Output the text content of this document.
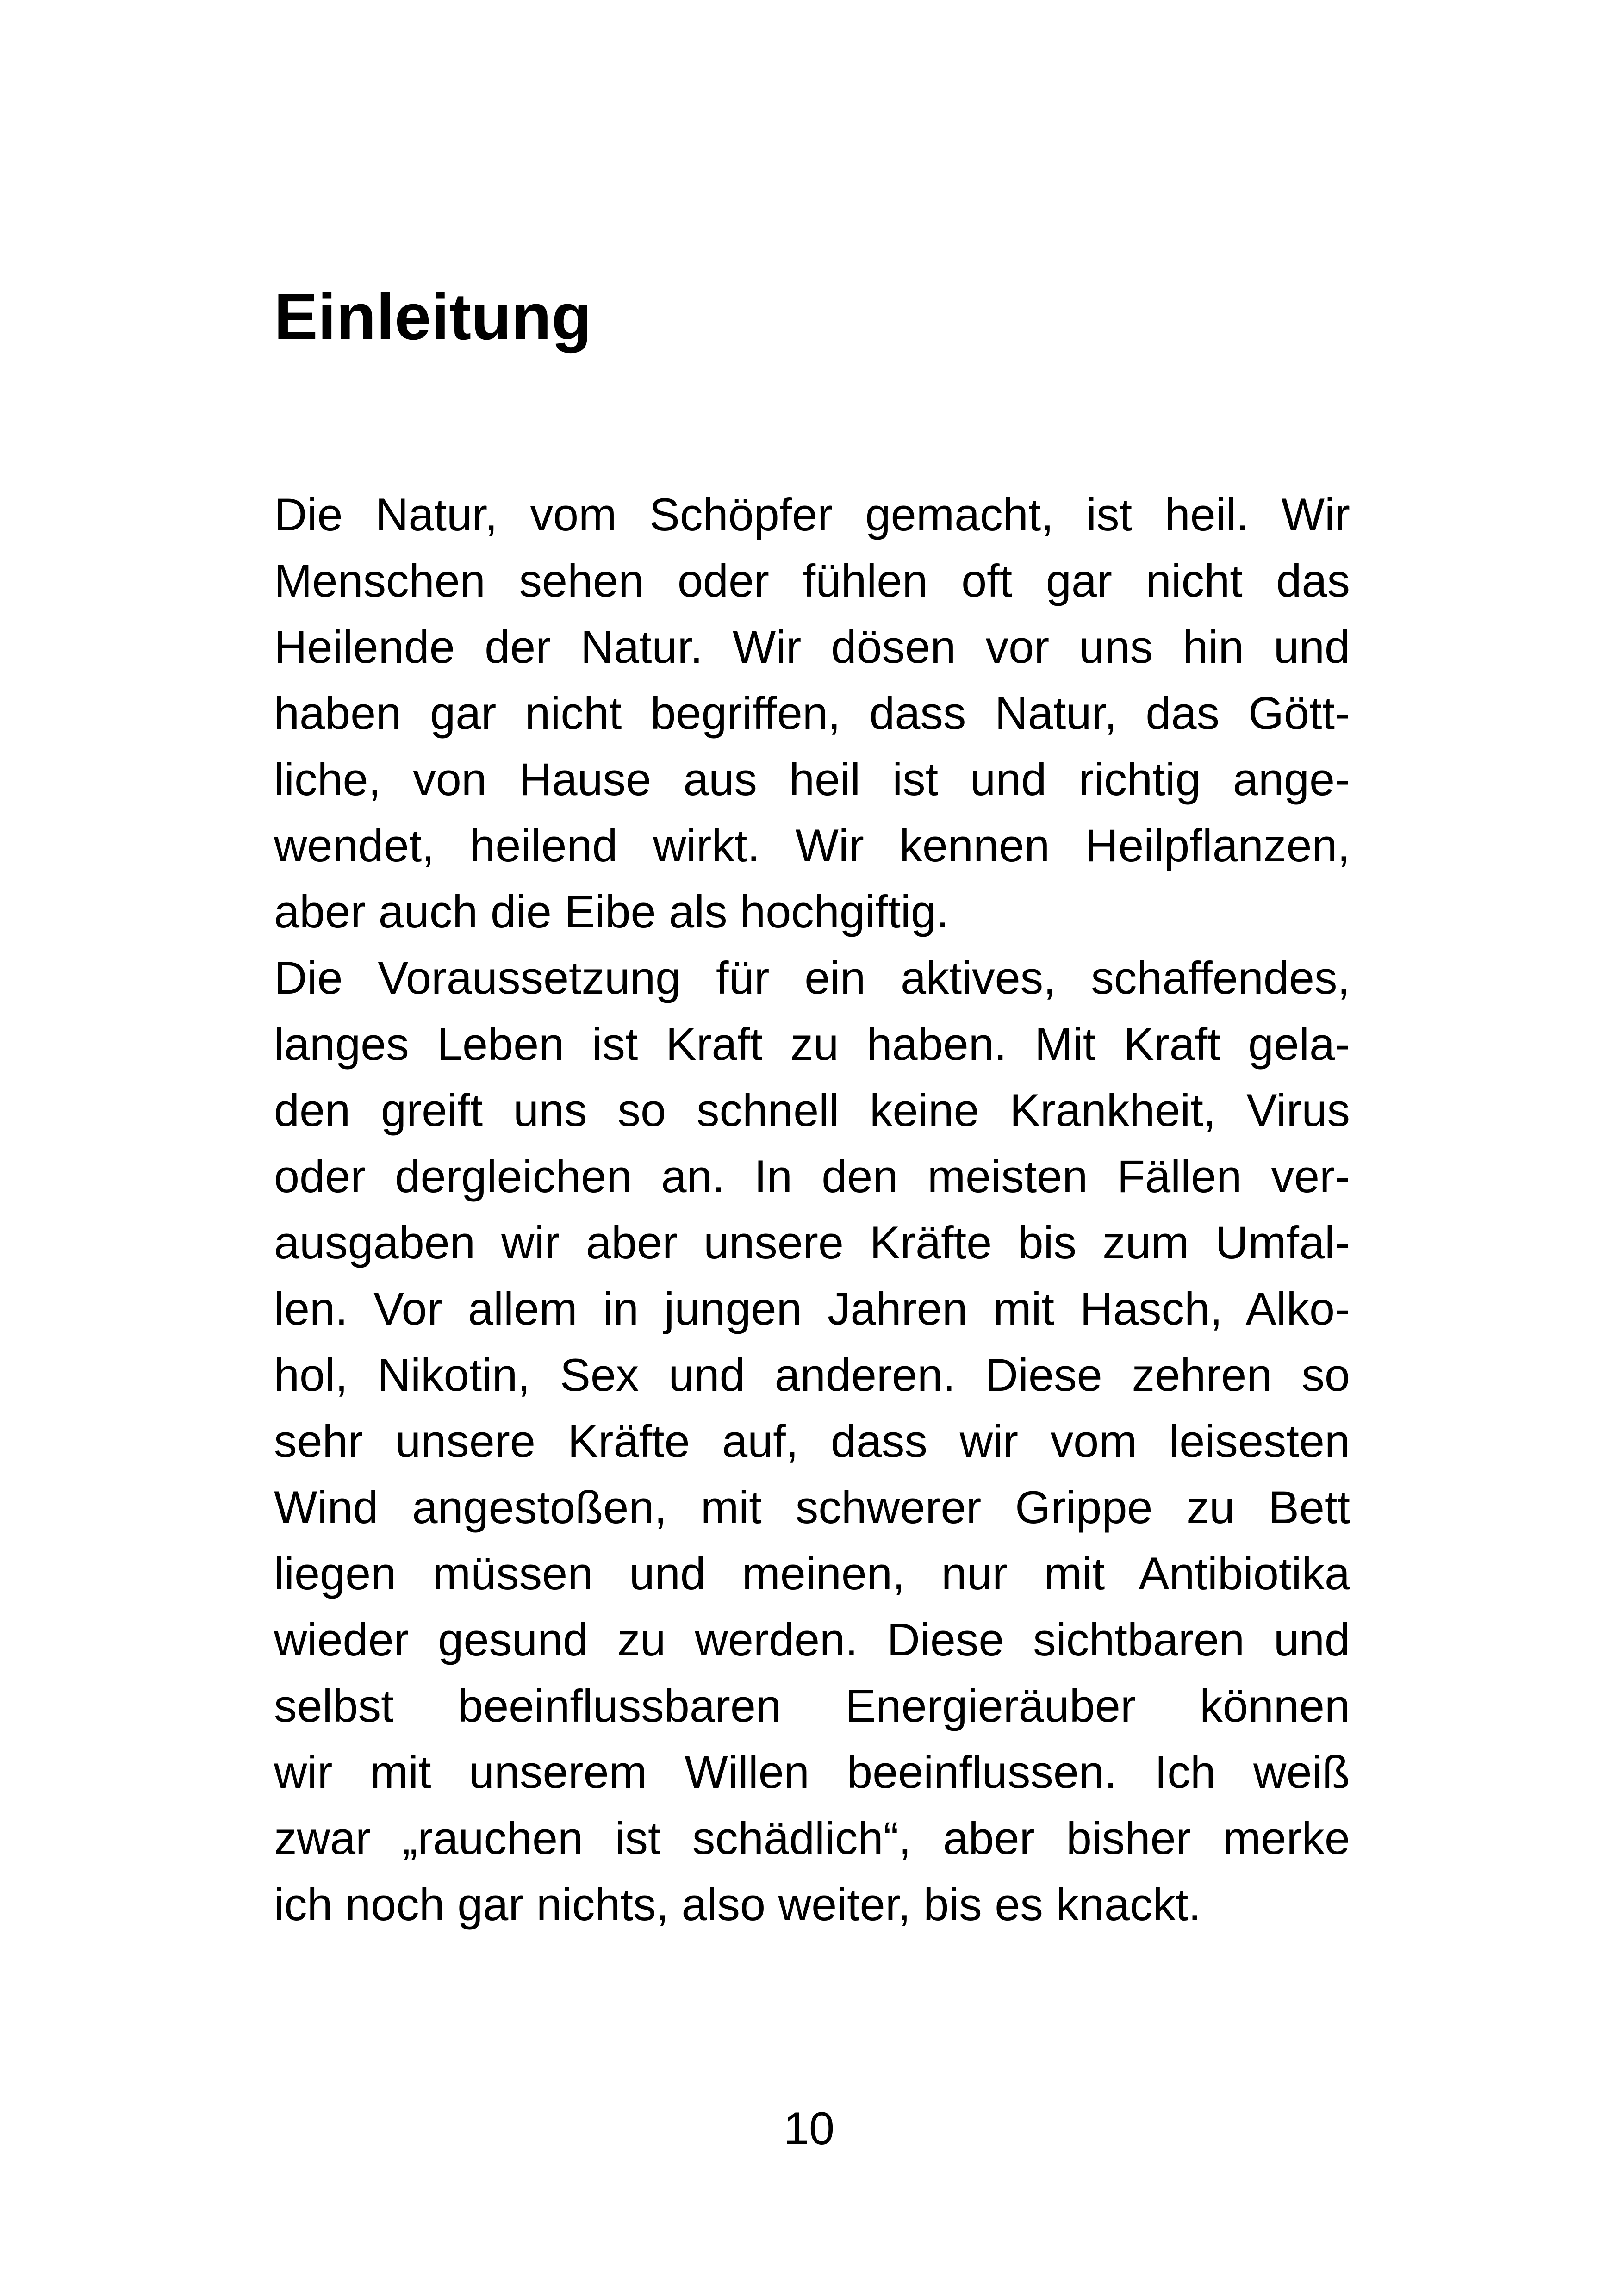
Einleitung
Die Natur, vom Schöpfer gemacht, ist heil. Wir
Menschen sehen oder fühlen oft gar nicht das
Heilende der Natur. Wir dösen vor uns hin und
haben gar nicht begriffen, dass Natur, das Gött-
liche, von Hause aus heil ist und richtig ange-
wendet, heilend wirkt. Wir kennen Heilpflanzen,
aber auch die Eibe als hochgiftig.
Die Voraussetzung für ein aktives, schaffendes,
langes Leben ist Kraft zu haben. Mit Kraft gela-
den greift uns so schnell keine Krankheit, Virus
oder dergleichen an. In den meisten Fällen ver-
ausgaben wir aber unsere Kräfte bis zum Umfal-
len. Vor allem in jungen Jahren mit Hasch, Alko-
hol, Nikotin, Sex und anderen. Diese zehren so
sehr unsere Kräfte auf, dass wir vom leisesten
Wind angestoßen, mit schwerer Grippe zu Bett
liegen müssen und meinen, nur mit Antibiotika
wieder gesund zu werden. Diese sichtbaren und
selbst beeinflussbaren Energieräuber können
wir mit unserem Willen beeinflussen. Ich weiß
zwar „rauchen ist schädlich“, aber bisher merke
ich noch gar nichts, also weiter, bis es knackt.
10
